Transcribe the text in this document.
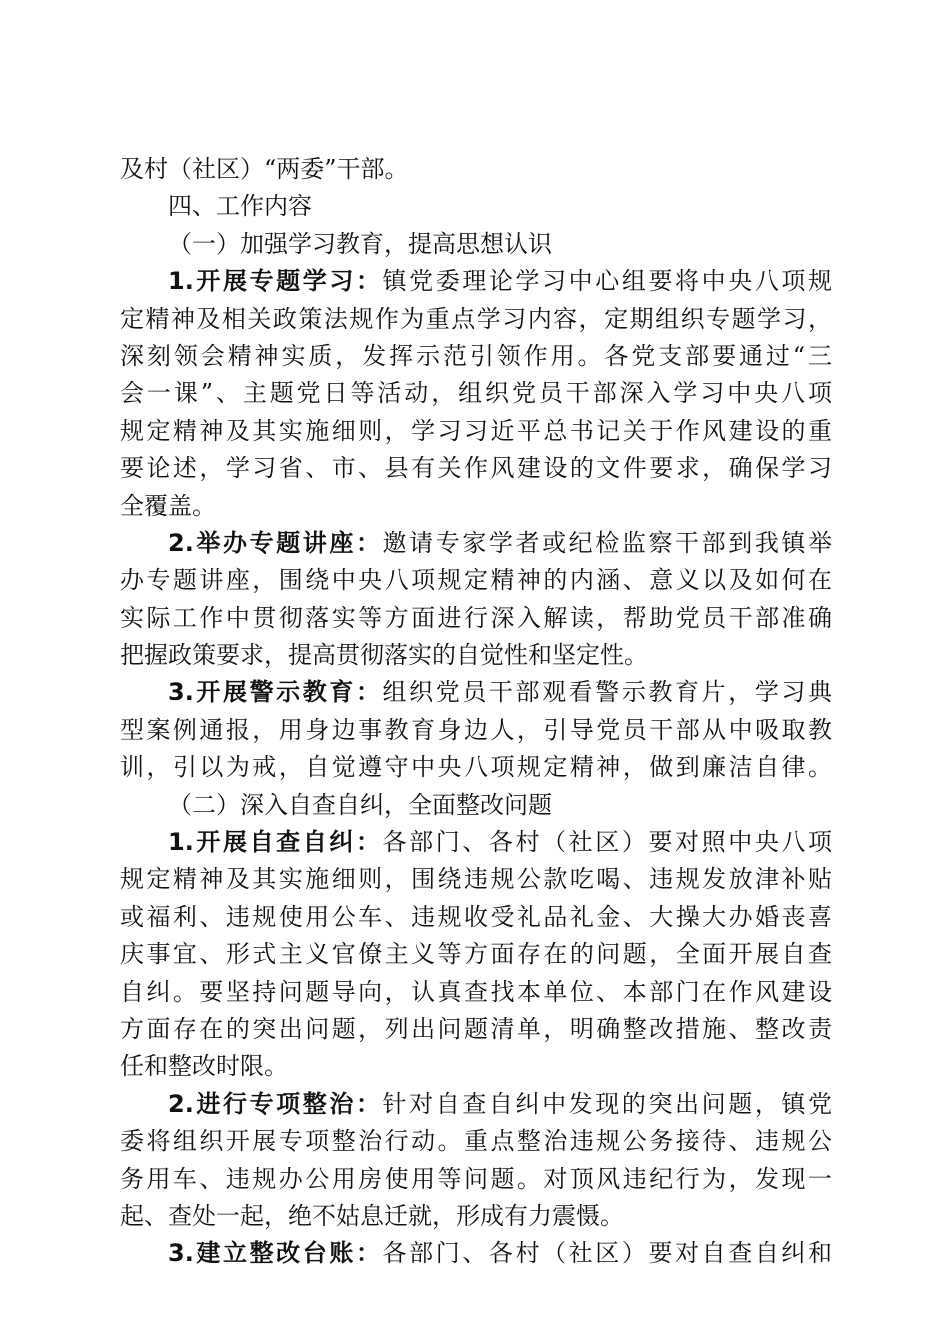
及村（社区）“两委”干部。
四、工作内容
（一）加强学习教育，提高思想认识
1.开展专题学习：镇党委理论学习中心组要将中央八项规
定精神及相关政策法规作为重点学习内容，定期组织专题学习，
深刻领会精神实质，发挥示范引领作用。各党支部要通过“三
会一课”、主题党日等活动，组织党员干部深入学习中央八项
规定精神及其实施细则，学习习近平总书记关于作风建设的重
要论述，学习省、市、县有关作风建设的文件要求，确保学习
全覆盖。
2.举办专题讲座：邀请专家学者或纪检监察干部到我镇举
办专题讲座，围绕中央八项规定精神的内涵、意义以及如何在
实际工作中贯彻落实等方面进行深入解读，帮助党员干部准确
把握政策要求，提高贯彻落实的自觉性和坚定性。
3.开展警示教育：组织党员干部观看警示教育片，学习典
型案例通报，用身边事教育身边人，引导党员干部从中吸取教
训，引以为戒，自觉遵守中央八项规定精神，做到廉洁自律。
（二）深入自查自纠，全面整改问题
1.开展自查自纠：各部门、各村（社区）要对照中央八项
规定精神及其实施细则，围绕违规公款吃喝、违规发放津补贴
或福利、违规使用公车、违规收受礼品礼金、大操大办婚丧喜
庆事宜、形式主义官僚主义等方面存在的问题，全面开展自查
自纠。要坚持问题导向，认真查找本单位、本部门在作风建设
方面存在的突出问题，列出问题清单，明确整改措施、整改责
任和整改时限。
2.进行专项整治：针对自查自纠中发现的突出问题，镇党
委将组织开展专项整治行动。重点整治违规公务接待、违规公
务用车、违规办公用房使用等问题。对顶风违纪行为，发现一
起、查处一起，绝不姑息迁就，形成有力震慑。
3.建立整改台账：各部门、各村（社区）要对自查自纠和
